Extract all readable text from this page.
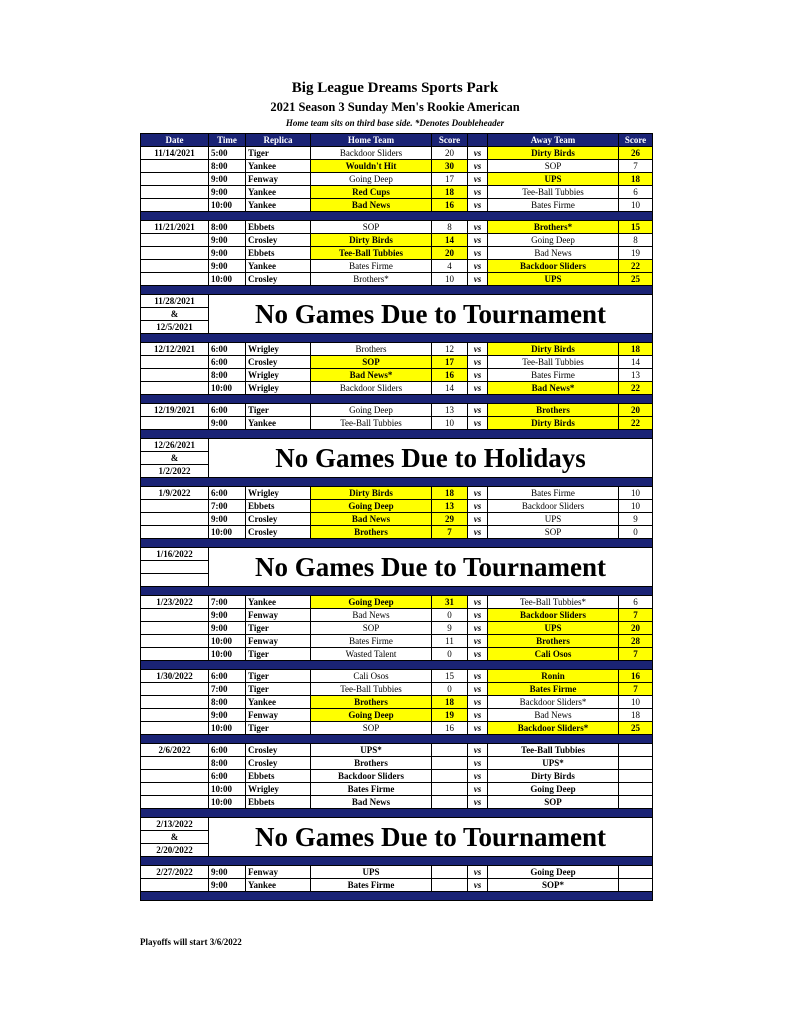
Big League Dreams Sports Park
2021 Season 3 Sunday Men's Rookie American
Home team sits on third base side. *Denotes Doubleheader
Date	Time	Replica	Home Team	Score		Away Team	Score
11/14/2021	5:00	Tiger	Backdoor Sliders	20	vs	Dirty Birds	26
	8:00	Yankee	Wouldn't Hit	30	vs	SOP	7
	9:00	Fenway	Going Deep	17	vs	UPS	18
	9:00	Yankee	Red Cups	18	vs	Tee-Ball Tubbies	6
	10:00	Yankee	Bad News	16	vs	Bates Firme	10

11/21/2021	8:00	Ebbets	SOP	8	vs	Brothers*	15
	9:00	Crosley	Dirty Birds	14	vs	Going Deep	8
	9:00	Ebbets	Tee-Ball Tubbies	20	vs	Bad News	19
	9:00	Yankee	Bates Firme	4	vs	Backdoor Sliders	22
	10:00	Crosley	Brothers*	10	vs	UPS	25

11/28/2021	No Games Due to Tournament						
&							
12/5/2021							

12/12/2021	6:00	Wrigley	Brothers	12	vs	Dirty Birds	18
	6:00	Crosley	SOP	17	vs	Tee-Ball Tubbies	14
	8:00	Wrigley	Bad News*	16	vs	Bates Firme	13
	10:00	Wrigley	Backdoor Sliders	14	vs	Bad News*	22

12/19/2021	6:00	Tiger	Going Deep	13	vs	Brothers	20
	9:00	Yankee	Tee-Ball Tubbies	10	vs	Dirty Birds	22

12/26/2021	No Games Due to Holidays						
&							
1/2/2022							

1/9/2022	6:00	Wrigley	Dirty Birds	18	vs	Bates Firme	10
	7:00	Ebbets	Going Deep	13	vs	Backdoor Sliders	10
	9:00	Crosley	Bad News	29	vs	UPS	9
	10:00	Crosley	Brothers	7	vs	SOP	0

1/16/2022	No Games Due to Tournament						

1/23/2022	7:00	Yankee	Going Deep	31	vs	Tee-Ball Tubbies*	6
	9:00	Fenway	Bad News	0	vs	Backdoor Sliders	7
	9:00	Tiger	SOP	9	vs	UPS	20
	10:00	Fenway	Bates Firme	11	vs	Brothers	28
	10:00	Tiger	Wasted Talent	0	vs	Cali Osos	7

1/30/2022	6:00	Tiger	Cali Osos	15	vs	Ronin	16
	7:00	Tiger	Tee-Ball Tubbies	0	vs	Bates Firme	7
	8:00	Yankee	Brothers	18	vs	Backdoor Sliders*	10
	9:00	Fenway	Going Deep	19	vs	Bad News	18
	10:00	Tiger	SOP	16	vs	Backdoor Sliders*	25

2/6/2022	6:00	Crosley	UPS*		vs	Tee-Ball Tubbies	
	8:00	Crosley	Brothers		vs	UPS*	
	6:00	Ebbets	Backdoor Sliders		vs	Dirty Birds	
	10:00	Wrigley	Bates Firme		vs	Going Deep	
	10:00	Ebbets	Bad News		vs	SOP	

2/13/2022	No Games Due to Tournament						
&							
2/20/2022							

2/27/2022	9:00	Fenway	UPS		vs	Going Deep	
	9:00	Yankee	Bates Firme		vs	SOP*	

Playoffs will start 3/6/2022
